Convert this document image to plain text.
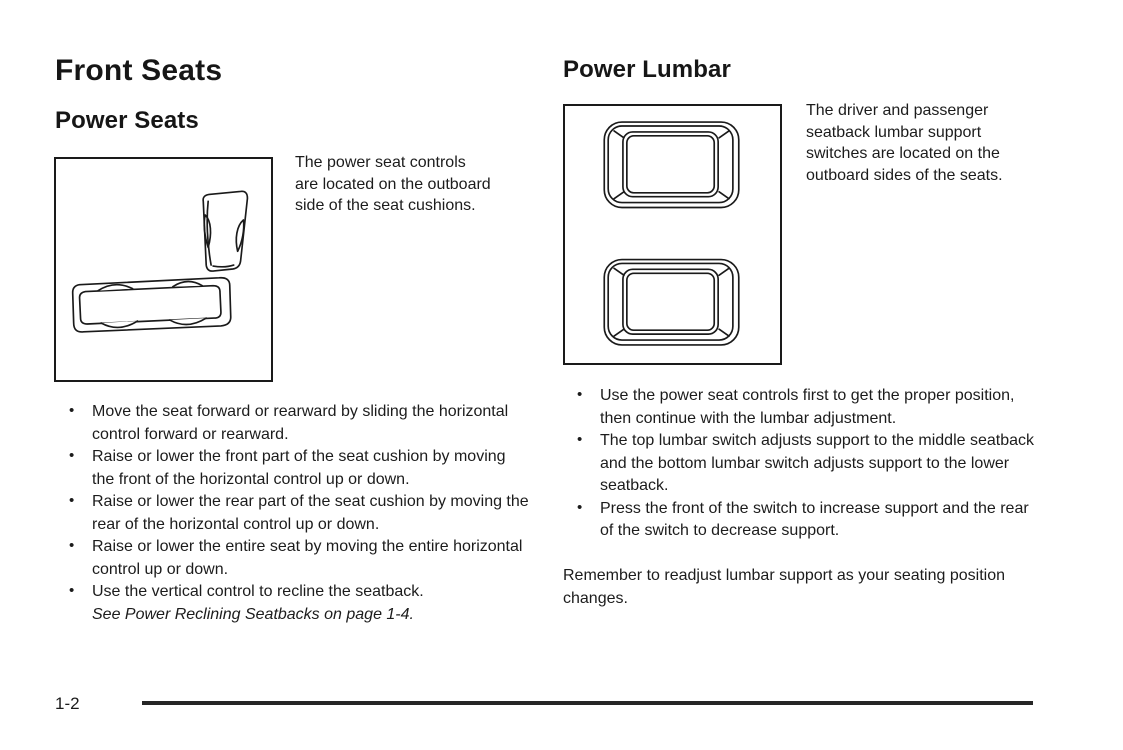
Front Seats
Power Seats
The power seat controls
are located on the outboard
side of the seat cushions.
• Move the seat forward or rearward by sliding the horizontal control forward or rearward.
• Raise or lower the front part of the seat cushion by moving the front of the horizontal control up or down.
• Raise or lower the rear part of the seat cushion by moving the rear of the horizontal control up or down.
• Raise or lower the entire seat by moving the entire horizontal control up or down.
• Use the vertical control to recline the seatback.
See Power Reclining Seatbacks on page 1-4.
Power Lumbar
The driver and passenger
seatback lumbar support
switches are located on the
outboard sides of the seats.
• Use the power seat controls first to get the proper position, then continue with the lumbar adjustment.
• The top lumbar switch adjusts support to the middle seatback and the bottom lumbar switch adjusts support to the lower seatback.
• Press the front of the switch to increase support and the rear of the switch to decrease support.

Remember to readjust lumbar support as your seating position changes.

1-2
